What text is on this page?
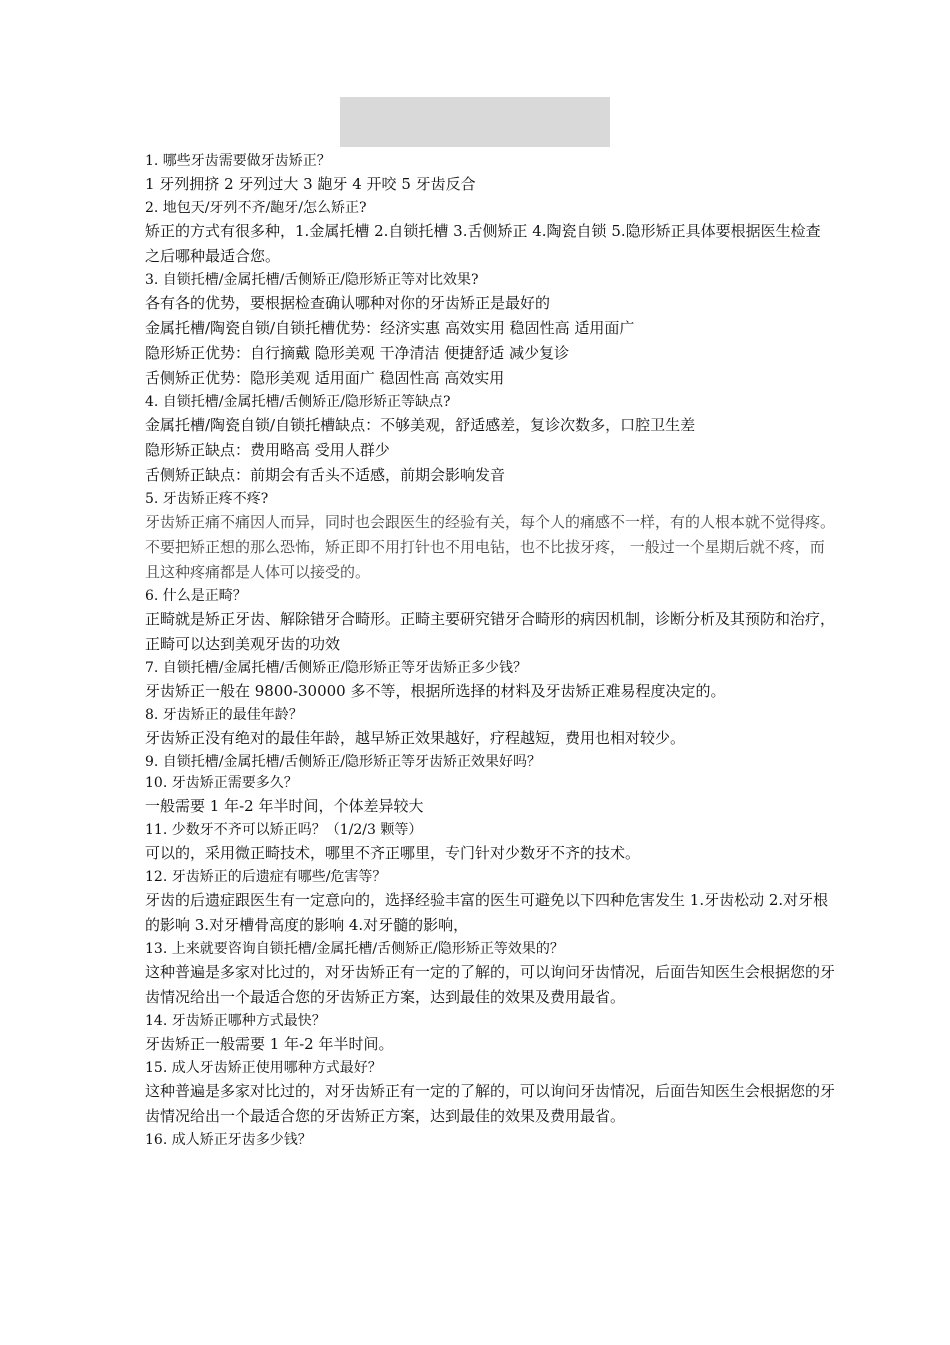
1. 哪些牙齿需要做牙齿矫正？

1 牙列拥挤 2 牙列过大 3 龅牙 4 开咬 5 牙齿反合

2. 地包天/牙列不齐/龅牙/怎么矫正?

矫正的方式有很多种，1.金属托槽 2.自锁托槽 3.舌侧矫正 4.陶瓷自锁 5.隐形矫正具体要根据医生检查之后哪种最适合您。

3. 自锁托槽/金属托槽/舌侧矫正/隐形矫正等对比效果?

各有各的优势，要根据检查确认哪种对你的牙齿矫正是最好的

金属托槽/陶瓷自锁/自锁托槽优势：经济实惠 高效实用 稳固性高 适用面广

隐形矫正优势：自行摘戴 隐形美观 干净清洁 便捷舒适 减少复诊

舌侧矫正优势：隐形美观 适用面广 稳固性高 高效实用

4. 自锁托槽/金属托槽/舌侧矫正/隐形矫正等缺点?

金属托槽/陶瓷自锁/自锁托槽缺点：不够美观，舒适感差，复诊次数多，口腔卫生差

隐形矫正缺点：费用略高 受用人群少

舌侧矫正缺点：前期会有舌头不适感，前期会影响发音

5. 牙齿矫正疼不疼?

牙齿矫正痛不痛因人而异，同时也会跟医生的经验有关，每个人的痛感不一样，有的人根本就不觉得疼。不要把矫正想的那么恐怖，矫正即不用打针也不用电钻，也不比拔牙疼， 一般过一个星期后就不疼，而且这种疼痛都是人体可以接受的。

6. 什么是正畸？

正畸就是矫正牙齿、解除错牙合畸形。正畸主要研究错牙合畸形的病因机制，诊断分析及其预防和治疗，正畸可以达到美观牙齿的功效

7. 自锁托槽/金属托槽/舌侧矫正/隐形矫正等牙齿矫正多少钱？

牙齿矫正一般在 9800-30000 多不等，根据所选择的材料及牙齿矫正难易程度决定的。

8. 牙齿矫正的最佳年龄？

牙齿矫正没有绝对的最佳年龄，越早矫正效果越好，疗程越短，费用也相对较少。

9. 自锁托槽/金属托槽/舌侧矫正/隐形矫正等牙齿矫正效果好吗？
10. 牙齿矫正需要多久？

一般需要 1 年-2 年半时间，个体差异较大

11. 少数牙不齐可以矫正吗？（1/2/3 颗等）

可以的，采用微正畸技术，哪里不齐正哪里，专门针对少数牙不齐的技术。

12. 牙齿矫正的后遗症有哪些/危害等？

牙齿的后遗症跟医生有一定意向的，选择经验丰富的医生可避免以下四种危害发生 1.牙齿松动 2.对牙根的影响 3.对牙槽骨高度的影响 4.对牙髓的影响，

13. 上来就要咨询自锁托槽/金属托槽/舌侧矫正/隐形矫正等效果的？

这种普遍是多家对比过的，对牙齿矫正有一定的了解的，可以询问牙齿情况，后面告知医生会根据您的牙齿情况给出一个最适合您的牙齿矫正方案，达到最佳的效果及费用最省。

14. 牙齿矫正哪种方式最快？

牙齿矫正一般需要 1 年-2 年半时间。

15. 成人牙齿矫正使用哪种方式最好？

这种普遍是多家对比过的，对牙齿矫正有一定的了解的，可以询问牙齿情况，后面告知医生会根据您的牙齿情况给出一个最适合您的牙齿矫正方案，达到最佳的效果及费用最省。

16. 成人矫正牙齿多少钱？
